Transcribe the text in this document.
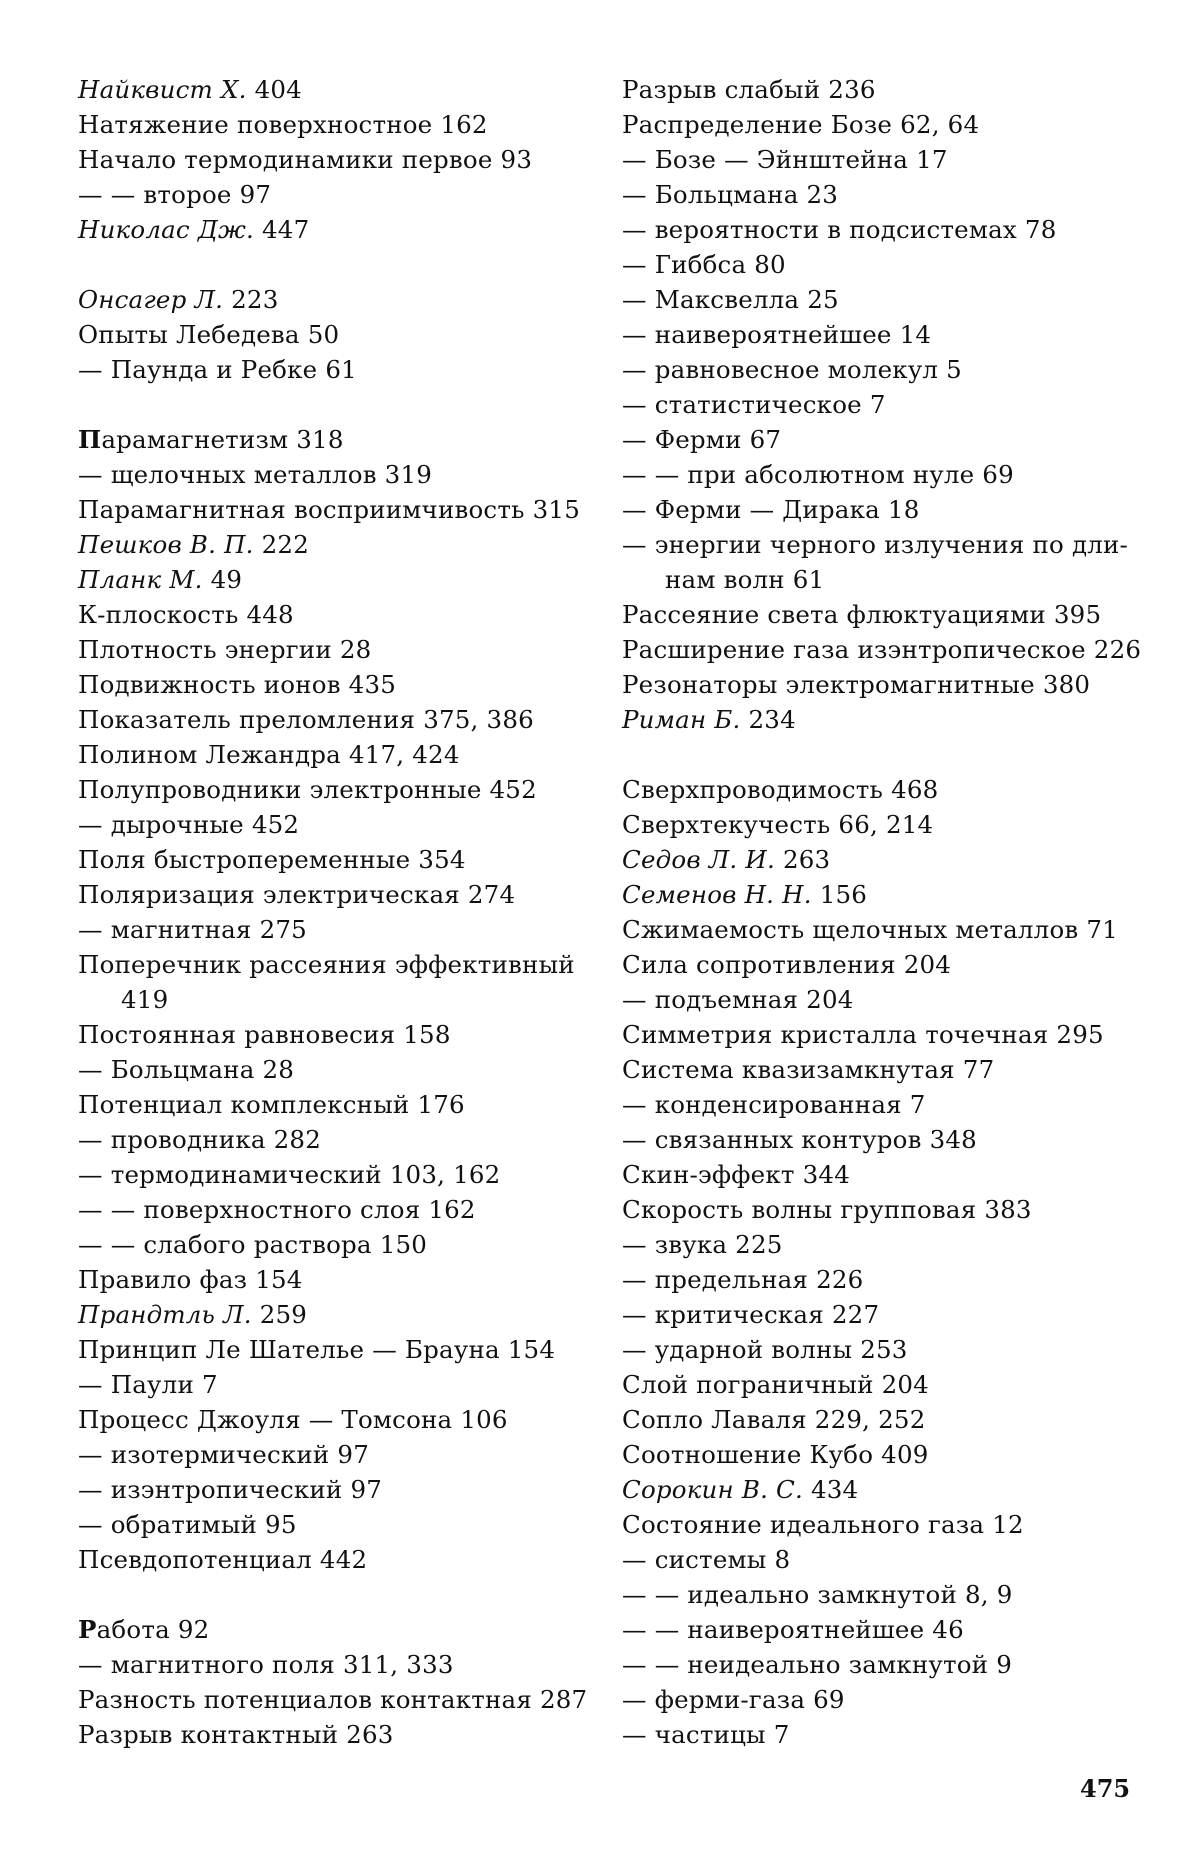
Найквист Х. 404
Натяжение поверхностное 162
Начало термодинамики первое 93
— — второе 97
Николас Дж. 447
Онсагер Л. 223
Опыты Лебедева 50
— Паунда и Ребке 61
Парамагнетизм 318
— щелочных металлов 319
Парамагнитная восприимчивость 315
Пешков В. П. 222
Планк М. 49
К-плоскость 448
Плотность энергии 28
Подвижность ионов 435
Показатель преломления 375, 386
Полином Лежандра 417, 424
Полупроводники электронные 452
— дырочные 452
Поля быстропеременные 354
Поляризация электрическая 274
— магнитная 275
Поперечник рассеяния эффективный
419
Постоянная равновесия 158
— Больцмана 28
Потенциал комплексный 176
— проводника 282
— термодинамический 103, 162
— — поверхностного слоя 162
— — слабого раствора 150
Правило фаз 154
Прандтль Л. 259
Принцип Ле Шателье — Брауна 154
— Паули 7
Процесс Джоуля — Томсона 106
— изотермический 97
— изэнтропический 97
— обратимый 95
Псевдопотенциал 442
Работа 92
— магнитного поля 311, 333
Разность потенциалов контактная 287
Разрыв контактный 263
Разрыв слабый 236
Распределение Бозе 62, 64
— Бозе — Эйнштейна 17
— Больцмана 23
— вероятности в подсистемах 78
— Гиббса 80
— Максвелла 25
— наивероятнейшее 14
— равновесное молекул 5
— статистическое 7
— Ферми 67
— — при абсолютном нуле 69
— Ферми — Дирака 18
— энергии черного излучения по дли-
нам волн 61
Рассеяние света флюктуациями 395
Расширение газа изэнтропическое 226
Резонаторы электромагнитные 380
Риман Б. 234
Сверхпроводимость 468
Сверхтекучесть 66, 214
Седов Л. И. 263
Семенов Н. Н. 156
Сжимаемость щелочных металлов 71
Сила сопротивления 204
— подъемная 204
Симметрия кристалла точечная 295
Система квазизамкнутая 77
— конденсированная 7
— связанных контуров 348
Скин-эффект 344
Скорость волны групповая 383
— звука 225
— предельная 226
— критическая 227
— ударной волны 253
Слой пограничный 204
Сопло Лаваля 229, 252
Соотношение Кубо 409
Сорокин В. С. 434
Состояние идеального газа 12
— системы 8
— — идеально замкнутой 8, 9
— — наивероятнейшее 46
— — неидеально замкнутой 9
— ферми-газа 69
— частицы 7
475
